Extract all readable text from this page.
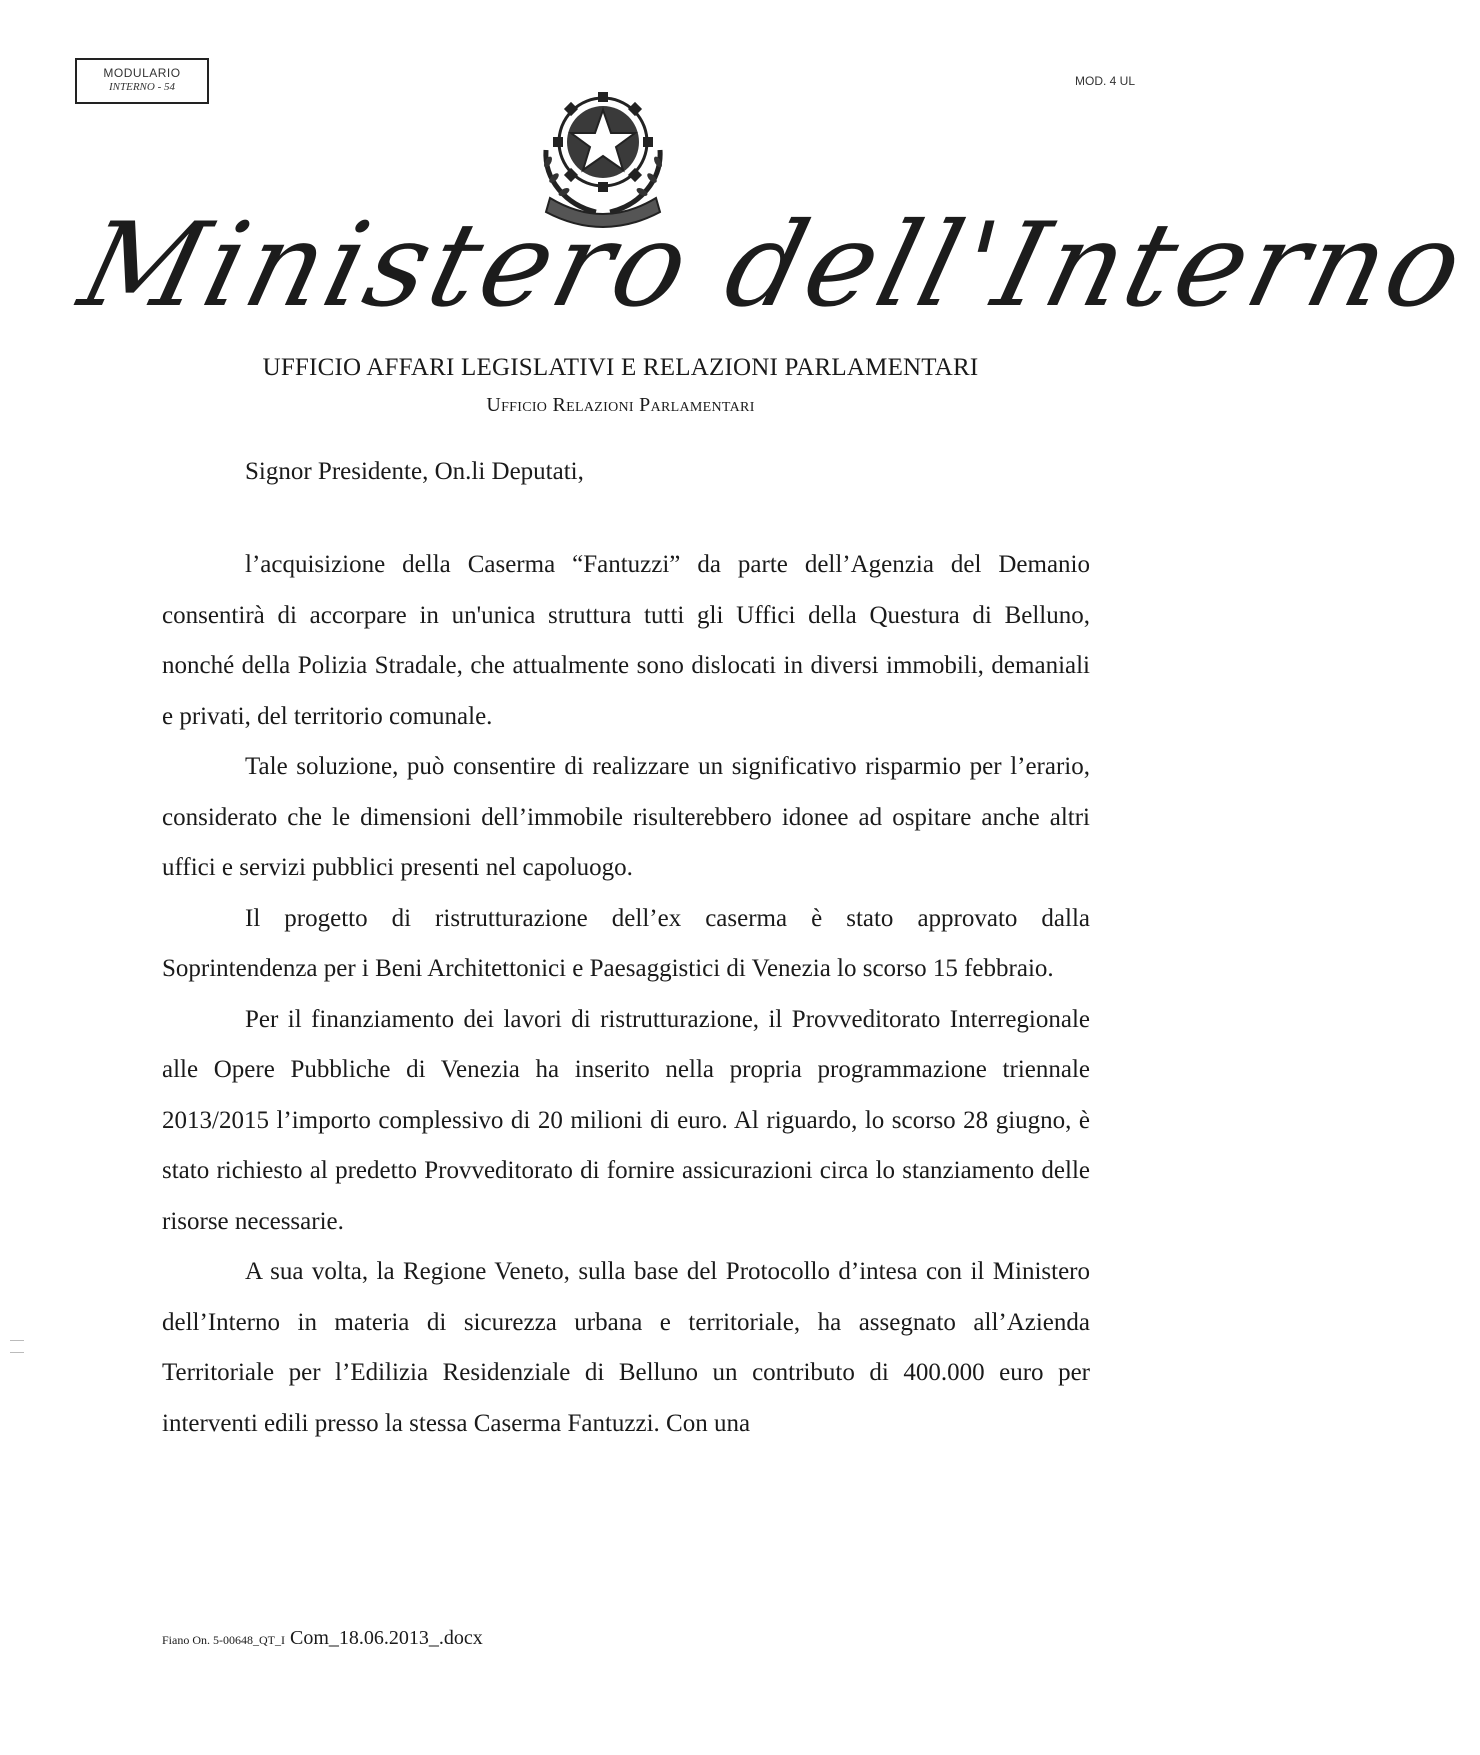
MODULARIO
INTERNO - 54	MOD. 4 UL
Ministero dell'Interno
UFFICIO AFFARI LEGISLATIVI E RELAZIONI PARLAMENTARI
Ufficio Relazioni Parlamentari
Signor Presidente, On.li Deputati,

l’acquisizione della Caserma “Fantuzzi” da parte dell’Agenzia del Demanio consentirà di accorpare in un'unica struttura tutti gli Uffici della Questura di Belluno, nonché della Polizia Stradale, che attualmente sono dislocati in diversi immobili, demaniali e privati, del territorio comunale.

Tale soluzione, può consentire di realizzare un significativo risparmio per l’erario, considerato che le dimensioni dell’immobile risulterebbero idonee ad ospitare anche altri uffici e servizi pubblici presenti nel capoluogo.

Il progetto di ristrutturazione dell’ex caserma è stato approvato dalla Soprintendenza per i Beni Architettonici e Paesaggistici di Venezia lo scorso 15 febbraio.

Per il finanziamento dei lavori di ristrutturazione, il Provveditorato Interregionale alle Opere Pubbliche di Venezia ha inserito nella propria programmazione triennale 2013/2015 l’importo complessivo di 20 milioni di euro. Al riguardo, lo scorso 28 giugno, è stato richiesto al predetto Provveditorato di fornire assicurazioni circa lo stanziamento delle risorse necessarie.

A sua volta, la Regione Veneto, sulla base del Protocollo d’intesa con il Ministero dell’Interno in materia di sicurezza urbana e territoriale, ha assegnato all’Azienda Territoriale per l’Edilizia Residenziale di Belluno un contributo di 400.000 euro per interventi edili presso la stessa Caserma Fantuzzi. Con una

Fiano On. 5-00648_QT_I Com_18.06.2013_.docx
